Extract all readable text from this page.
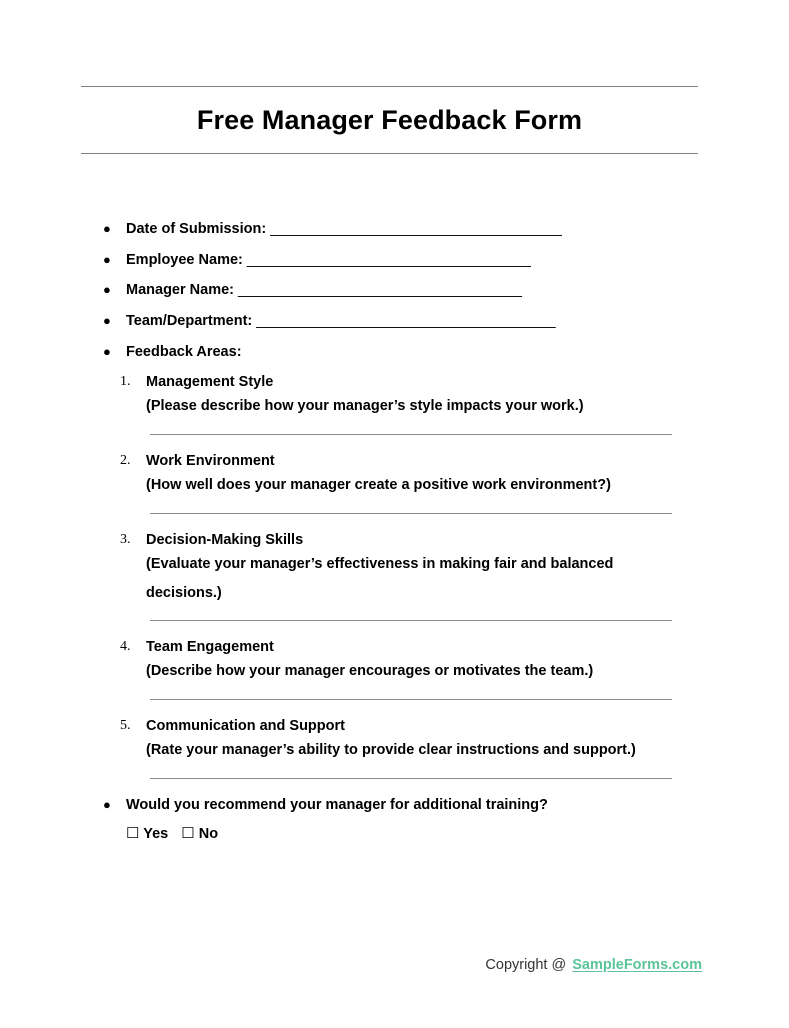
Free Manager Feedback Form
● Date of Submission: ______________________________________
● Employee Name: _____________________________________
● Manager Name: _____________________________________
● Team/Department: _______________________________________
● Feedback Areas:
1. Management Style
(Please describe how your manager’s style impacts your work.)
2. Work Environment
(How well does your manager create a positive work environment?)
3. Decision-Making Skills
(Evaluate your manager’s effectiveness in making fair and balanced decisions.)
4. Team Engagement
(Describe how your manager encourages or motivates the team.)
5. Communication and Support
(Rate your manager’s ability to provide clear instructions and support.)
● Would you recommend your manager for additional training?
☐ Yes ☐ No
Copyright @ SampleForms.com
